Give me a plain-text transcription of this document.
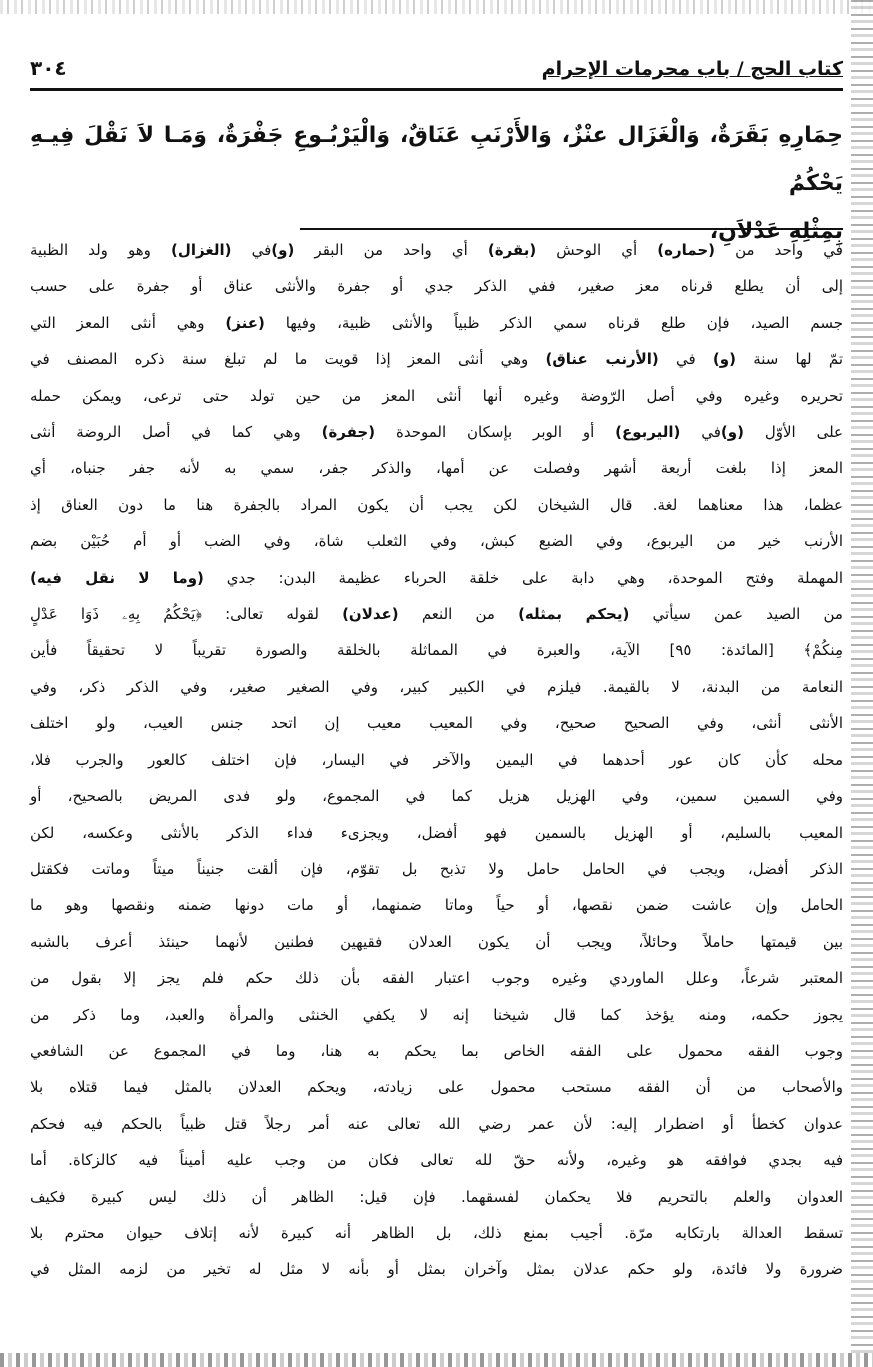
كتاب الحج / باب محرمات الإحرام
٣٠٤
حِمَارِهِ بَقَرَةٌ، وَالْغَزَال عنْزٌ، وَالأَرْنَبِ عَنَاقٌ، وَالْيَرْبُـوعِ جَفْرَةٌ، وَمَـا لاَ نَقْلَ فِيـهِ يَحْكُمُ
بِمِثْلِهِ عَدْلاَنِ،
في واحد من (حماره) أي الوحش (بقرة) أي واحد من البقر (و)في (الغزال) وهو ولد الظبية
إلى أن يطلع قرناه معز صغير، ففي الذكر جدي أو جفرة والأنثى عناق أو جفرة على حسب
جسم الصيد، فإن طلع قرناه سمي الذكر ظبياً والأنثى ظبية، وفيها (عنز) وهي أنثى المعز التي
تمّ لها سنة (و) في (الأرنب عناق) وهي أنثى المعز إذا قويت ما لم تبلغ سنة ذكره المصنف في
تحريره وغيره وفي أصل الرّوضة وغيره أنها أنثى المعز من حين تولد حتى ترعى، ويمكن حمله
على الأوّل (و)في (اليربوع) أو الوبر بإسكان الموحدة (جفرة) وهي كما في أصل الروضة أنثى
المعز إذا بلغت أربعة أشهر وفصلت عن أمها، والذكر جفر، سمي به لأنه جفر جنباه، أي
عظما، هذا معناهما لغة. قال الشيخان لكن يجب أن يكون المراد بالجفرة هنا ما دون العناق إذ
الأرنب خير من اليربوع، وفي الضبع كبش، وفي الثعلب شاة، وفي الضب أو أم حُبَيْن بضم
المهملة وفتح الموحدة، وهي دابة على خلقة الحرباء عظيمة البدن: جدي (وما لا نقل فيه)
من الصيد عمن سيأتي (يحكم بمثله) من النعم (عدلان) لقوله تعالى: ﴿يَحْكُمُ بِهِۦ ذَوَا عَدْلٍ
مِنكُمْ﴾ [المائدة: ٩٥] الآية، والعبرة في المماثلة بالخلقة والصورة تقريباً لا تحقيقاً فأين
النعامة من البدنة، لا بالقيمة. فيلزم في الكبير كبير، وفي الصغير صغير، وفي الذكر ذكر، وفي
الأنثى أنثى، وفي الصحيح صحيح، وفي المعيب معيب إن اتحد جنس العيب، ولو اختلف
محله كأن كان عور أحدهما في اليمين والآخر في اليسار، فإن اختلف كالعور والجرب فلا،
وفي السمين سمين، وفي الهزيل هزيل كما في المجموع، ولو فدى المريض بالصحيح، أو
المعيب بالسليم، أو الهزيل بالسمين فهو أفضل، ويجزىء فداء الذكر بالأنثى وعكسه، لكن
الذكر أفضل، ويجب في الحامل حامل ولا تذبح بل تقوّم، فإن ألقت جنيناً ميتاً وماتت فكقتل
الحامل وإن عاشت ضمن نقصها، أو حياً وماتا ضمنهما، أو مات دونها ضمنه ونقصها وهو ما
بين قيمتها حاملاً وحائلاً، ويجب أن يكون العدلان فقيهين فطنين لأنهما حينئذ أعرف بالشبه
المعتبر شرعاً، وعلل الماوردي وغيره وجوب اعتبار الفقه بأن ذلك حكم فلم يجز إلا بقول من
يجوز حكمه، ومنه يؤخذ كما قال شيخنا إنه لا يكفي الخنثى والمرأة والعبد، وما ذكر من
وجوب الفقه محمول على الفقه الخاص بما يحكم به هنا، وما في المجموع عن الشافعي
والأصحاب من أن الفقه مستحب محمول على زيادته، ويحكم العدلان بالمثل فيما قتلاه بلا
عدوان كخطأ أو اضطرار إليه: لأن عمر رضي الله تعالى عنه أمر رجلاً قتل ظبياً بالحكم فيه فحكم
فيه بجدي فوافقه هو وغيره، ولأنه حقّ لله تعالى فكان من وجب عليه أميناً فيه كالزكاة. أما
العدوان والعلم بالتحريم فلا يحكمان لفسقهما. فإن قيل: الظاهر أن ذلك ليس كبيرة فكيف
تسقط العدالة بارتكابه مرّة. أجيب بمنع ذلك، بل الظاهر أنه كبيرة لأنه إتلاف حيوان محترم بلا
ضرورة ولا فائدة، ولو حكم عدلان بمثل وآخران بمثل أو بأنه لا مثل له تخير من لزمه المثل في
